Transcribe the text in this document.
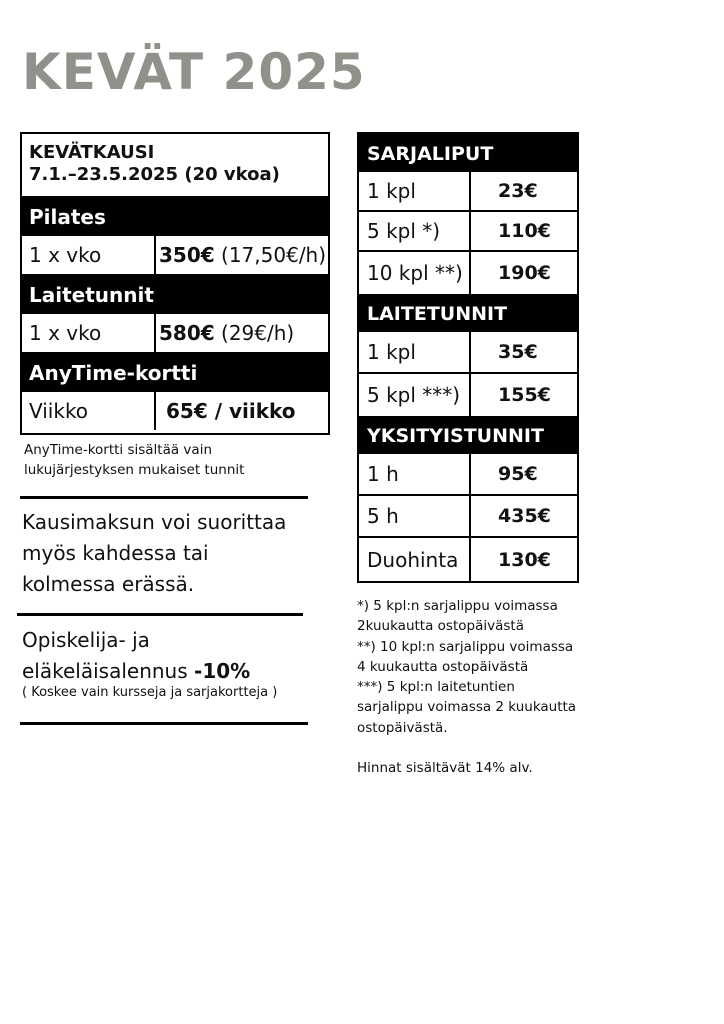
KEVÄT 2025
KEVÄTKAUSI
7.1.–23.5.2025 (20 vkoa)
Pilates
1 x vko	350€ (17,50€/h)
Laitetunnit
1 x vko	580€ (29€/h)
AnyTime-kortti
Viikko	65€ / viikko
AnyTime-kortti sisältää vain
lukujärjestyksen mukaiset tunnit
Kausimaksun voi suorittaa
myös kahdessa tai
kolmessa erässä.
Opiskelija- ja
eläkeläisalennus -10%
( Koskee vain kursseja ja sarjakortteja )
SARJALIPUT
1 kpl	23€
5 kpl *)	110€
10 kpl **)	190€
LAITETUNNIT
1 kpl	35€
5 kpl ***)	155€
YKSITYISTUNNIT
1 h	95€
5 h	435€
Duohinta	130€
*) 5 kpl:n sarjalippu voimassa
2kuukautta ostopäivästä
**) 10 kpl:n sarjalippu voimassa
4 kuukautta ostopäivästä
***) 5 kpl:n laitetuntien
sarjalippu voimassa 2 kuukautta
ostopäivästä.
Hinnat sisältävät 14% alv.
